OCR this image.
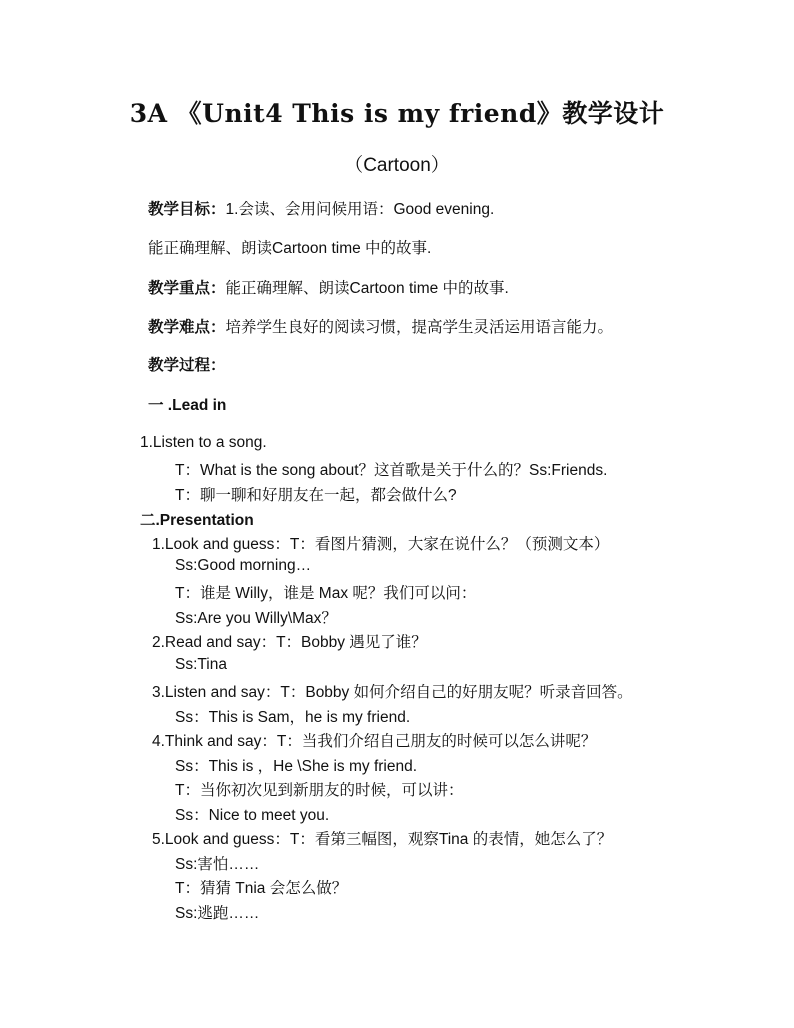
3A 《Unit4 This is my friend》教学设计
（Cartoon）
教学目标：1.会读、会用问候用语：Good evening.
能正确理解、朗读Cartoon time 中的故事.
教学重点：能正确理解、朗读Cartoon time 中的故事.
教学难点：培养学生良好的阅读习惯，提高学生灵活运用语言能力。
教学过程：
一 .Lead in
1.Listen to a song.
T：What is the song about？这首歌是关于什么的？Ss:Friends.
T：聊一聊和好朋友在一起，都会做什么?
二.Presentation
1.Look and guess：T：看图片猜测，大家在说什么？（预测文本）
Ss:Good morning…
T：谁是 Willy，谁是 Max 呢？我们可以问：
Ss:Are you Willy\Max？
2.Read and say：T：Bobby 遇见了谁？
Ss:Tina
3.Listen and say：T：Bobby 如何介绍自己的好朋友呢？听录音回答。
Ss：This is Sam，he is my friend.
4.Think and say：T：当我们介绍自己朋友的时候可以怎么讲呢？
Ss：This is ，He \She is my friend.
T：当你初次见到新朋友的时候，可以讲：
Ss：Nice to meet you.
5.Look and guess：T：看第三幅图，观察Tina 的表情，她怎么了？
Ss:害怕……
T：猜猜 Tnia 会怎么做？
Ss:逃跑……
